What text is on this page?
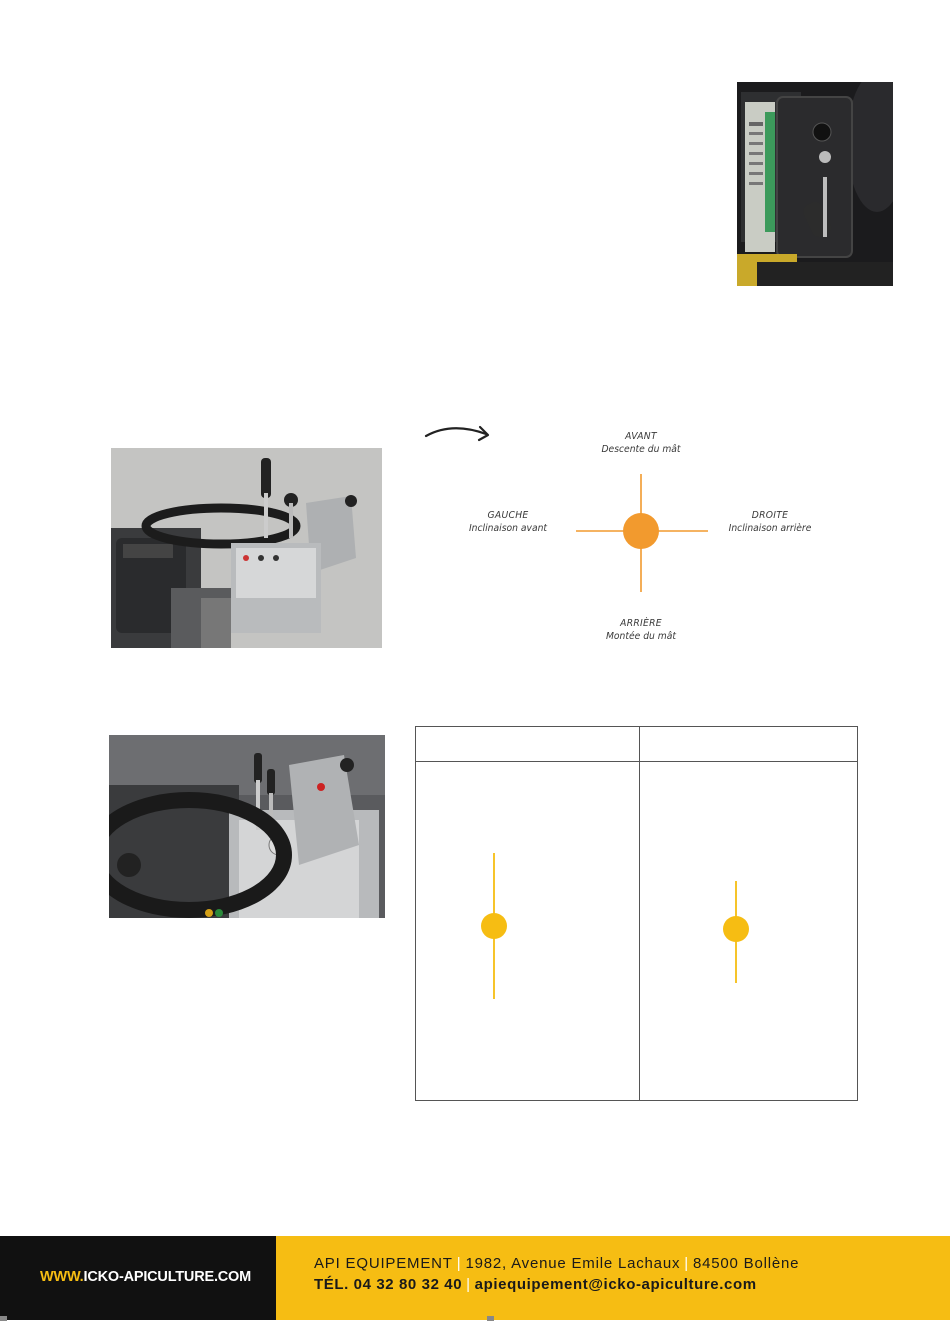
AVANT
Descente du mât
ARRIÈRE
Montée du mât
GAUCHE
Inclinaison avant
DROITE
Inclinaison arrière
WWW.ICKO-APICULTURE.COM
API EQUIPEMENT | 1982, Avenue Emile Lachaux | 84500 Bollène
TÉL. 04 32 80 32 40 | apiequipement@icko-apiculture.com
